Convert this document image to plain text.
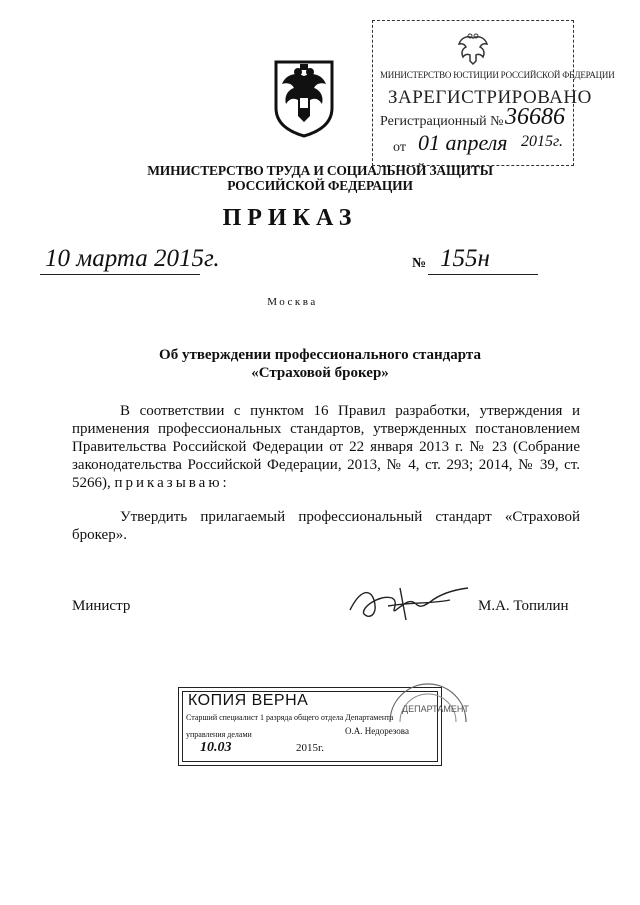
МИНИСТЕРСТВО ЮСТИЦИИ РОССИЙСКОЙ ФЕДЕРАЦИИ
ЗАРЕГИСТРИРОВАНО
Регистрационный № 36686
от 01 апреля 2015г.
МИНИСТЕРСТВО ТРУДА И СОЦИАЛЬНОЙ ЗАЩИТЫ
РОССИЙСКОЙ ФЕДЕРАЦИИ
ПРИКАЗ
10 марта 2015г.	№ 155н
Москва
Об утверждении профессионального стандарта
«Страховой брокер»
В соответствии с пунктом 16 Правил разработки, утверждения и применения профессиональных стандартов, утвержденных постановлением Правительства Российской Федерации от 22 января 2013 г. № 23 (Собрание законодательства Российской Федерации, 2013, № 4, ст. 293; 2014, № 39, ст. 5266), приказываю:
Утвердить прилагаемый профессиональный стандарт «Страховой брокер».
Министр	М.А. Топилин
ДЕПАРТАМЕНТ
КОПИЯ ВЕРНА
Старший специалист 1 разряда общего отдела Департамента
управления делами	О.А. Недорезова
10.03	2015г.
